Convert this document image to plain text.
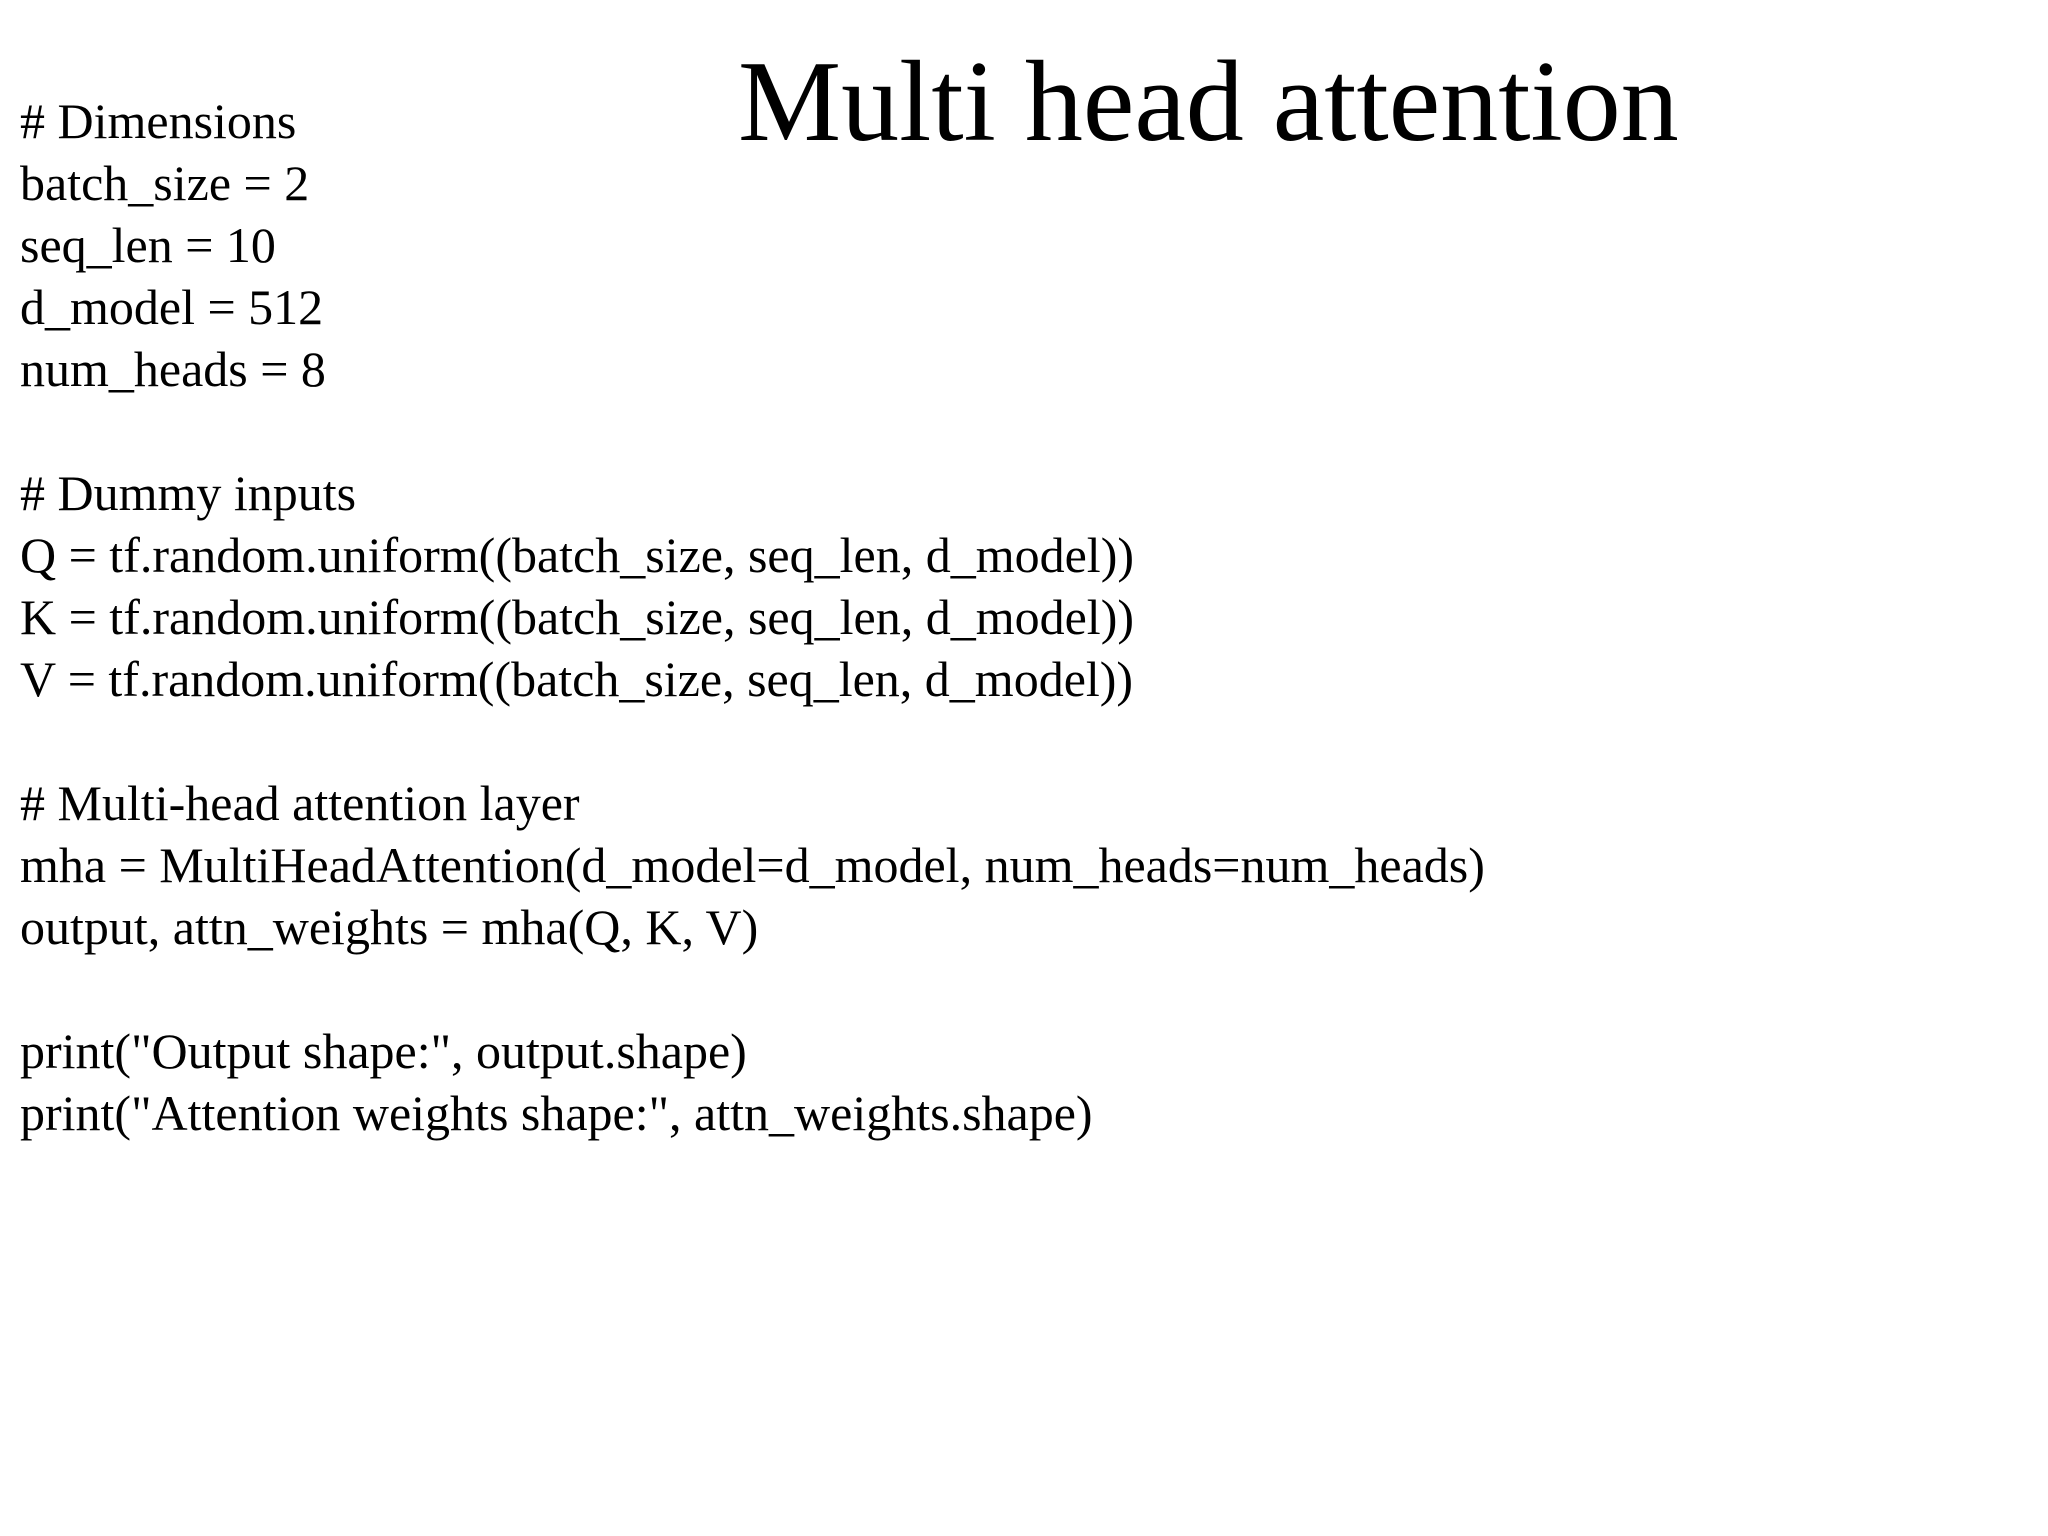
Multi head attention
# Dimensions
batch_size = 2
seq_len = 10
d_model = 512
num_heads = 8
# Dummy inputs
Q = tf.random.uniform((batch_size, seq_len, d_model))
K = tf.random.uniform((batch_size, seq_len, d_model))
V = tf.random.uniform((batch_size, seq_len, d_model))
# Multi-head attention layer
mha = MultiHeadAttention(d_model=d_model, num_heads=num_heads)
output, attn_weights = mha(Q, K, V)
print("Output shape:", output.shape)
print("Attention weights shape:", attn_weights.shape)
